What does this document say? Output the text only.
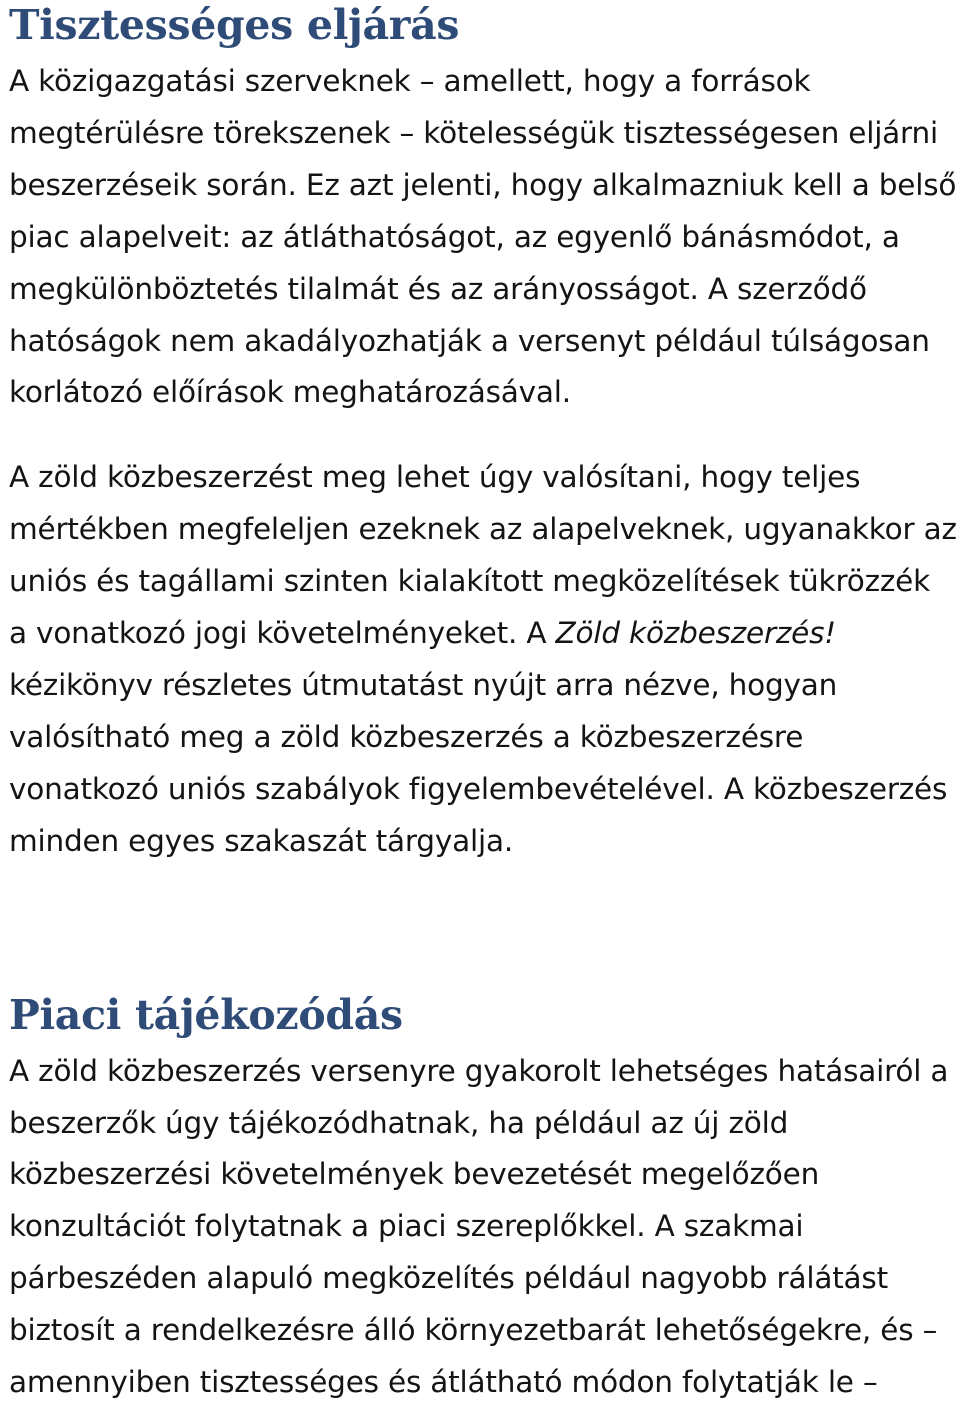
Tisztességes eljárás

A közigazgatási szerveknek – amellett, hogy a források megtérülésre törekszenek – kötelességük tisztességesen eljárni beszerzéseik során. Ez azt jelenti, hogy alkalmazniuk kell a belső piac alapelveit: az átláthatóságot, az egyenlő bánásmódot, a megkülönböztetés tilalmát és az arányosságot. A szerződő hatóságok nem akadályozhatják a versenyt például túlságosan korlátozó előírások meghatározásával.

A zöld közbeszerzést meg lehet úgy valósítani, hogy teljes mértékben megfeleljen ezeknek az alapelveknek, ugyanakkor az uniós és tagállami szinten kialakított megközelítések tükrözzék a vonatkozó jogi követelményeket. A Zöld közbeszerzés! kézikönyv részletes útmutatást nyújt arra nézve, hogyan valósítható meg a zöld közbeszerzés a közbeszerzésre vonatkozó uniós szabályok figyelembevételével. A közbeszerzés minden egyes szakaszát tárgyalja.

Piaci tájékozódás

A zöld közbeszerzés versenyre gyakorolt lehetséges hatásairól a beszerzők úgy tájékozódhatnak, ha például az új zöld közbeszerzési követelmények bevezetését megelőzően konzultációt folytatnak a piaci szereplőkkel. A szakmai párbeszéden alapuló megközelítés például nagyobb rálátást biztosít a rendelkezésre álló környezetbarát lehetőségekre, és – amennyiben tisztességes és átlátható módon folytatják le –
